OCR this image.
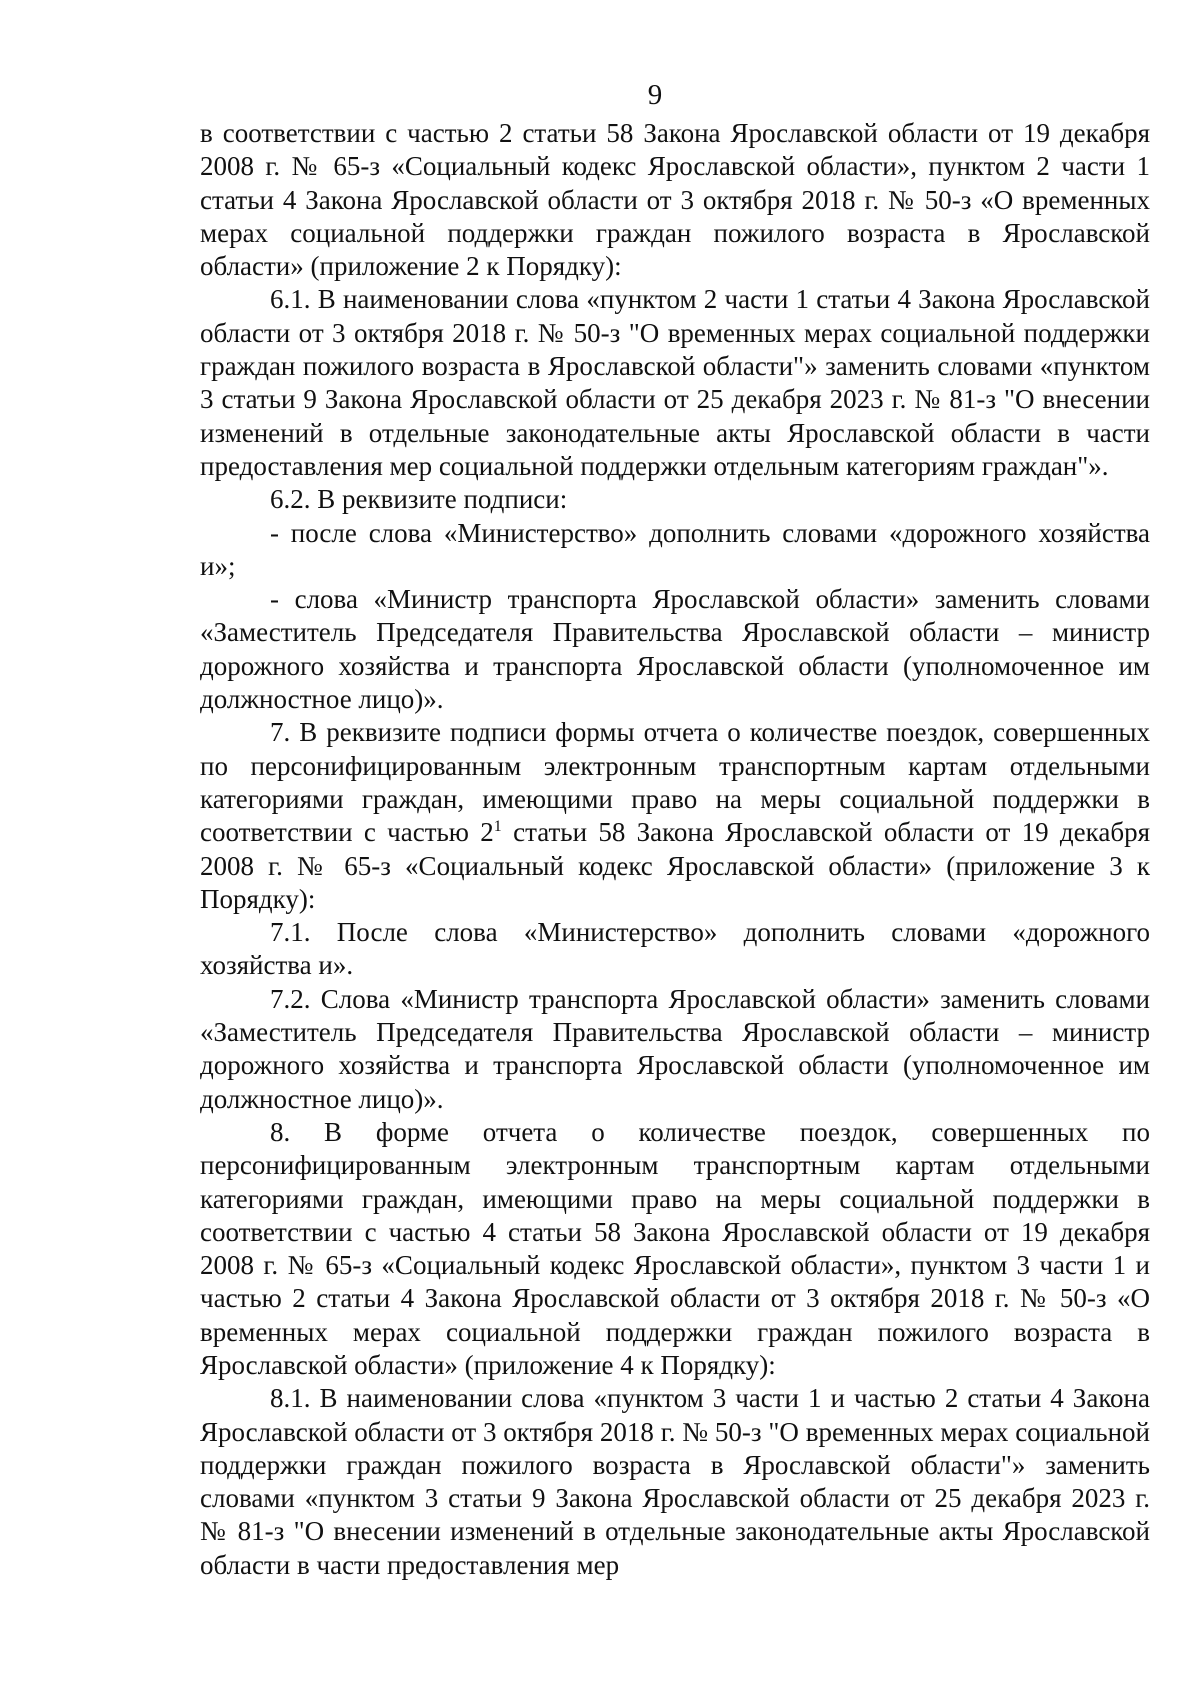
9

в соответствии с частью 2 статьи 58 Закона Ярославской области от 19 декабря 2008 г. № 65-з «Социальный кодекс Ярославской области», пунктом 2 части 1 статьи 4 Закона Ярославской области от 3 октября 2018 г. № 50-з «О временных мерах социальной поддержки граждан пожилого возраста в Ярославской области» (приложение 2 к Порядку):

6.1. В наименовании слова «пунктом 2 части 1 статьи 4 Закона Ярославской области от 3 октября 2018 г. № 50-з "О временных мерах социальной поддержки граждан пожилого возраста в Ярославской области"» заменить словами «пунктом 3 статьи 9 Закона Ярославской области от 25 декабря 2023 г. № 81-з "О внесении изменений в отдельные законодательные акты Ярославской области в части предоставления мер социальной поддержки отдельным категориям граждан"».

6.2. В реквизите подписи:

- после слова «Министерство» дополнить словами «дорожного хозяйства и»;

- слова «Министр транспорта Ярославской области» заменить словами «Заместитель Председателя Правительства Ярославской области – министр дорожного хозяйства и транспорта Ярославской области (уполномоченное им должностное лицо)».

7. В реквизите подписи формы отчета о количестве поездок, совершенных по персонифицированным электронным транспортным картам отдельными категориями граждан, имеющими право на меры социальной поддержки в соответствии с частью $2^1$ статьи 58 Закона Ярославской области от 19 декабря 2008 г. № 65-з «Социальный кодекс Ярославской области» (приложение 3 к Порядку):

7.1. После слова «Министерство» дополнить словами «дорожного хозяйства и».

7.2. Слова «Министр транспорта Ярославской области» заменить словами «Заместитель Председателя Правительства Ярославской области – министр дорожного хозяйства и транспорта Ярославской области (уполномоченное им должностное лицо)».

8. В форме отчета о количестве поездок, совершенных по персонифицированным электронным транспортным картам отдельными категориями граждан, имеющими право на меры социальной поддержки в соответствии с частью 4 статьи 58 Закона Ярославской области от 19 декабря 2008 г. № 65-з «Социальный кодекс Ярославской области», пунктом 3 части 1 и частью 2 статьи 4 Закона Ярославской области от 3 октября 2018 г. № 50-з «О временных мерах социальной поддержки граждан пожилого возраста в Ярославской области» (приложение 4 к Порядку):

8.1. В наименовании слова «пунктом 3 части 1 и частью 2 статьи 4 Закона Ярославской области от 3 октября 2018 г. № 50-з "О временных мерах социальной поддержки граждан пожилого возраста в Ярославской области"» заменить словами «пунктом 3 статьи 9 Закона Ярославской области от 25 декабря 2023 г. № 81-з "О внесении изменений в отдельные законодательные акты Ярославской области в части предоставления мер
